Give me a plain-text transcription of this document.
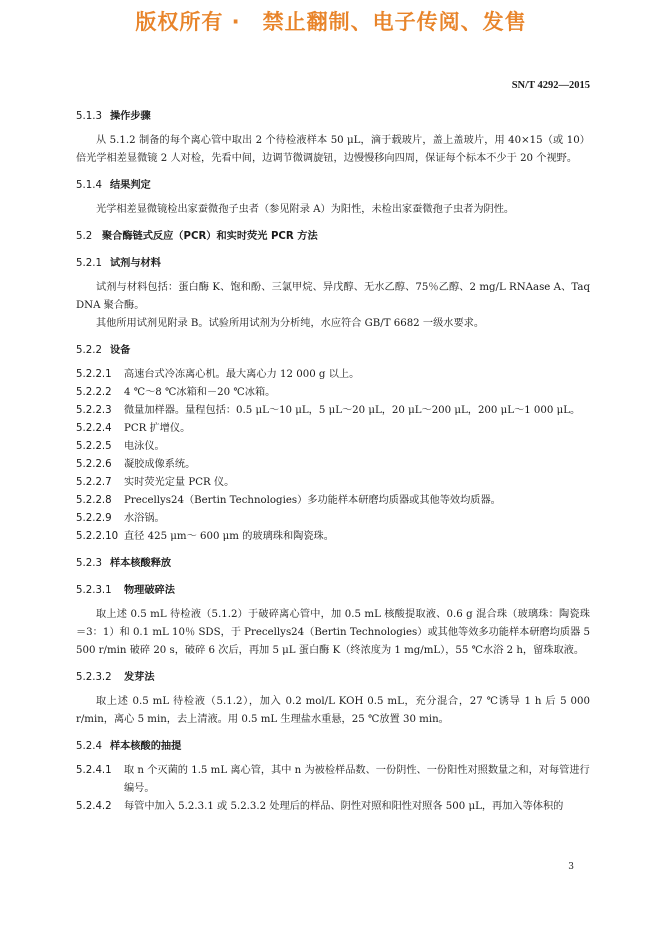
版权所有 ·　禁止翻制、电子传阅、发售
SN/T 4292—2015
5.1.3 操作步骤

从 5.1.2 制备的每个离心管中取出 2 个待检液样本 50 μL，滴于载玻片，盖上盖玻片，用 40×15（或 10）倍光学相差显微镜 2 人对检，先看中间，边调节微调旋钮，边慢慢移向四周，保证每个标本不少于 20 个视野。

5.1.4 结果判定

光学相差显微镜检出家蚕微孢子虫者（参见附录 A）为阳性，未检出家蚕微孢子虫者为阴性。

5.2 聚合酶链式反应（PCR）和实时荧光 PCR 方法
5.2.1 试剂与材料

试剂与材料包括：蛋白酶 K、饱和酚、三氯甲烷、异戊醇、无水乙醇、75％乙醇、2 mg/L RNAase A、Taq DNA 聚合酶。

其他所用试剂见附录 B。试验所用试剂为分析纯，水应符合 GB/T 6682 一级水要求。

5.2.2 设备

5.2.2.1	高速台式冷冻离心机。最大离心力 12 000 g 以上。

5.2.2.2	4 ℃～8 ℃冰箱和－20 ℃冰箱。

5.2.2.3	微量加样器。量程包括：0.5 μL～10 μL，5 μL～20 μL，20 μL～200 μL，200 μL～1 000 μL。

5.2.2.4	PCR 扩增仪。

5.2.2.5	电泳仪。

5.2.2.6	凝胶成像系统。

5.2.2.7	实时荧光定量 PCR 仪。

5.2.2.8	Precellys24（Bertin Technologies）多功能样本研磨均质器或其他等效均质器。

5.2.2.9	水浴锅。

5.2.2.10 直径 425 μm～ 600 μm 的玻璃珠和陶瓷珠。

5.2.3 样本核酸释放
5.2.3.1	物理破碎法

取上述 0.5 mL 待检液（5.1.2）于破碎离心管中，加 0.5 mL 核酸提取液、0.6 g 混合珠（玻璃珠：陶瓷珠＝3：1）和 0.1 mL 10％ SDS，于 Precellys24（Bertin Technologies）或其他等效多功能样本研磨均质器 5 500 r/min 破碎 20 s，破碎 6 次后，再加 5 μL 蛋白酶 K（终浓度为 1 mg/mL），55 ℃水浴 2 h，留珠取液。

5.2.3.2	发芽法

取上述 0.5 mL 待检液（5.1.2），加入 0.2 mol/L KOH 0.5 mL，充分混合，27 ℃诱导 1 h 后 5 000 r/min，离心 5 min，去上清液。用 0.5 mL 生理盐水重悬，25 ℃放置 30 min。

5.2.4 样本核酸的抽提

5.2.4.1	取 n 个灭菌的 1.5 mL 离心管，其中 n 为被检样品数、一份阴性、一份阳性对照数量之和，对每管进行编号。

5.2.4.2	每管中加入 5.2.3.1 或 5.2.3.2 处理后的样品、阴性对照和阳性对照各 500 μL，再加入等体积的

3
